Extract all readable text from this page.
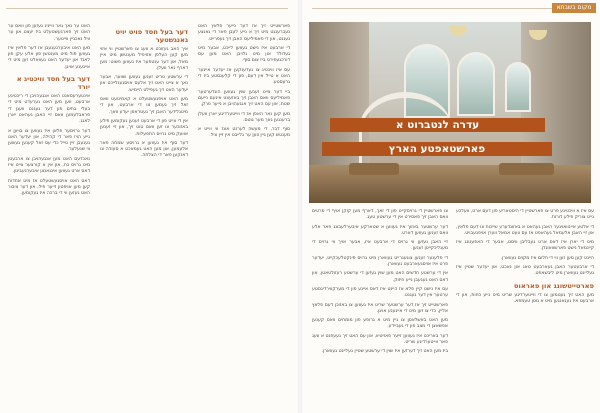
מקום בשבתא

האט ער נאך גאר ווייניג געזען פון וואס ער האט זיך פארגעשטעלט ביז יעצט און ער וויל נאכגיין ווייטער.

מען האט איבערגעגעבן אז דער פלאץ איז געווען פול מיט מענטשן פון אלע עקן פון לאנד און יעדער האט געוואלט זען מיט די אייגענע אויגן.

דער בעל חסד וויכטיג א יורד

אינטערעסאנט האט אנגעהויבן די ריכטיגע ארבעט, ווען מען האט גערעדט מיט די בעלי בתים פון דער געגנט וועגן די פראבלעמען וואס זיי האבן געהאט יארן לאנג.

דער גרויסער פלאן איז געווען צו בויען א נייע הויז פאר די קהילה, און יעדער האט געגעבן זיין טייל כדי עס זאל קענען געשען ווי שנעלער.

נאכדעם האט מען אנגעהויבן צו ארבעטן מיט גרויס כח, און אין א קורצער צייט איז דאס ארט געווען אינגאנצן איבערגעביטן.

דאס האט אויסגעשטעלט אז מיט אחדות קען מען אויפטון זייער פיל, און דער ציבור האט געזען ווי די ברכה איז געקומען.

דער בעל חסד פויט יויט גאנגשטער

איך האב געזוכט א וועג צו פארשטיין ווי אזוי מען קען העלפן אזויפיל מענטשן מיט איין מאל, און דער ענטפער איז געווען פשוט: מען דארף נאר וועלן.

די ערשטע טריט זענען געווען שווער, אבער נאך א צייט האט זיך אלעס אויסגעגלייכט און יעדער האט זיך געפילט היימיש.

מען האט אויפגעשטעלט א קאמיטעט וואס זאל זיך נעמען צו די ארבעט, און די מיטגלידער האבן זיך געטראפן יעדע וואך.

אין די צייט פון די ארבעט זענען געקומען פילע באזוכער צו זען וואס טוט זיך, און זיי זענען אוועק מיט גרויס התפעלות.

דער סוף איז געווען א גרויסע שמחה פאר אלעמען, און מען האט געמאכט א סעודה צו דאנקען פאר די הצלחה.

פארשטייט זיך אז דער נייער פלאץ האט געברענגט מיט זיך א נייע לעבן פאר די גאנצע געגנט, און די פאמיליעס האבן זיך געפרייט.

די ארבעט איז נישט געווען לייכט, אבער מיט געדולד און מיט גלויבן האט מען עס דורכגעפירט ביז צום סוף.

עס איז וויכטיג צו געדענקען אז יעדער איינער האט א טייל אין דעם, פון די קלענסטע ביז די גרעסטע.

ביי דער צייט זענען שוין געווען הונדערטער פאמיליעס וואס האבן זיך באזעצט אינעם נייעם שטח, און עס האט זיך אנגעהויבן א נייער פרק.

מען קען נאר האפן אז די ווייטערדיגע יארן וועלן ברענגען נאך מער גוטס.

סוף דבר, די מעשה לערנט אונז ווי ווייט א מענטש קען גיין ווען ער גלייבט אין זיין ציל.

עדרה לנטברוט א
פארשטאפטע הארץ

צו פארשטיין די גרויסקייט פון די זאך, דארף מען קוקן אויף די פרטים וואס האבן זיך פאסירט אין די ערשטע טעג.

דער ערשטער באזוך איז געווען א שטארקע איבערלעבונג פאר אלע וואס זענען געווען דארט.

זיי האבן געזען ווי גרויס די ארבעט איז, אבער אויך ווי גרויס די מעגליכקייטן זענען.

די פלענער זענען צוגעגרייט געווארן מיט גרויס פּינקטלעכקייט, יעדער פרט איז אויסגעארבעט געווארן.

אין די ערשטע חדשים האט מען שוין געזען די ערשטע רעזולטאטן, און דאס האט געגעבן נייע חיזוק.

עס איז נישט קיין פלא אז היינט איז דאס איינע פון די מערקווירדיגסטע ערטער אין דער געגנט.

פארשטייט זיך אז דער ערשטער שריט איז געווען צו באזוכן דעם פלאץ אליין, כדי צו זען מיט די אייגענע אויגן.

מען האט באשלאסן צו גיין מיט א גרופע פון מומחים וואס קענען אפשאצן די מצב פון די געביידע.

דער באריכט איז געווען זייער פאזיטיוו, און עס האט זיך געעפנט א וועג פאר ווייטערדיגע שריט.

ביז מען האט זיך דערזען איז שוין די ערשטע שטיין געלייגט געווארן.

עס איז א וויכטיגע פרט צו פארשטיין די היסטאריע פון דעם ארט, וועלכע גייט צוריק פילע דורות.

די אלטע איינוואוינער האבן געהאט א באזונדערע שייכות צו דעם פלאץ, און זיי האבן אלעמאל געהאפט אז עס וועט אמאל ווערן אויפגעבויט.

מיט די יארן איז דאס ארט געבליבן וויסט, אבער די האפענונג איז קיינמאל נישט פארשוואונדן.

היינט קען מען זען ווי די חלום איז מקוים געווארן.

די ארבעטער האבן געארבעט טאג און נאכט, און יעדער שטיין איז געלייגט געווארן מיט ליבשאפט.

פארטייטשונג און פאראוס

מען האט זיך גענומען צו די ווייטערדיגע שריט מיט נייע כחות, און די ארבעט איז געגאנגען מיט א גוטן טעמפא.
